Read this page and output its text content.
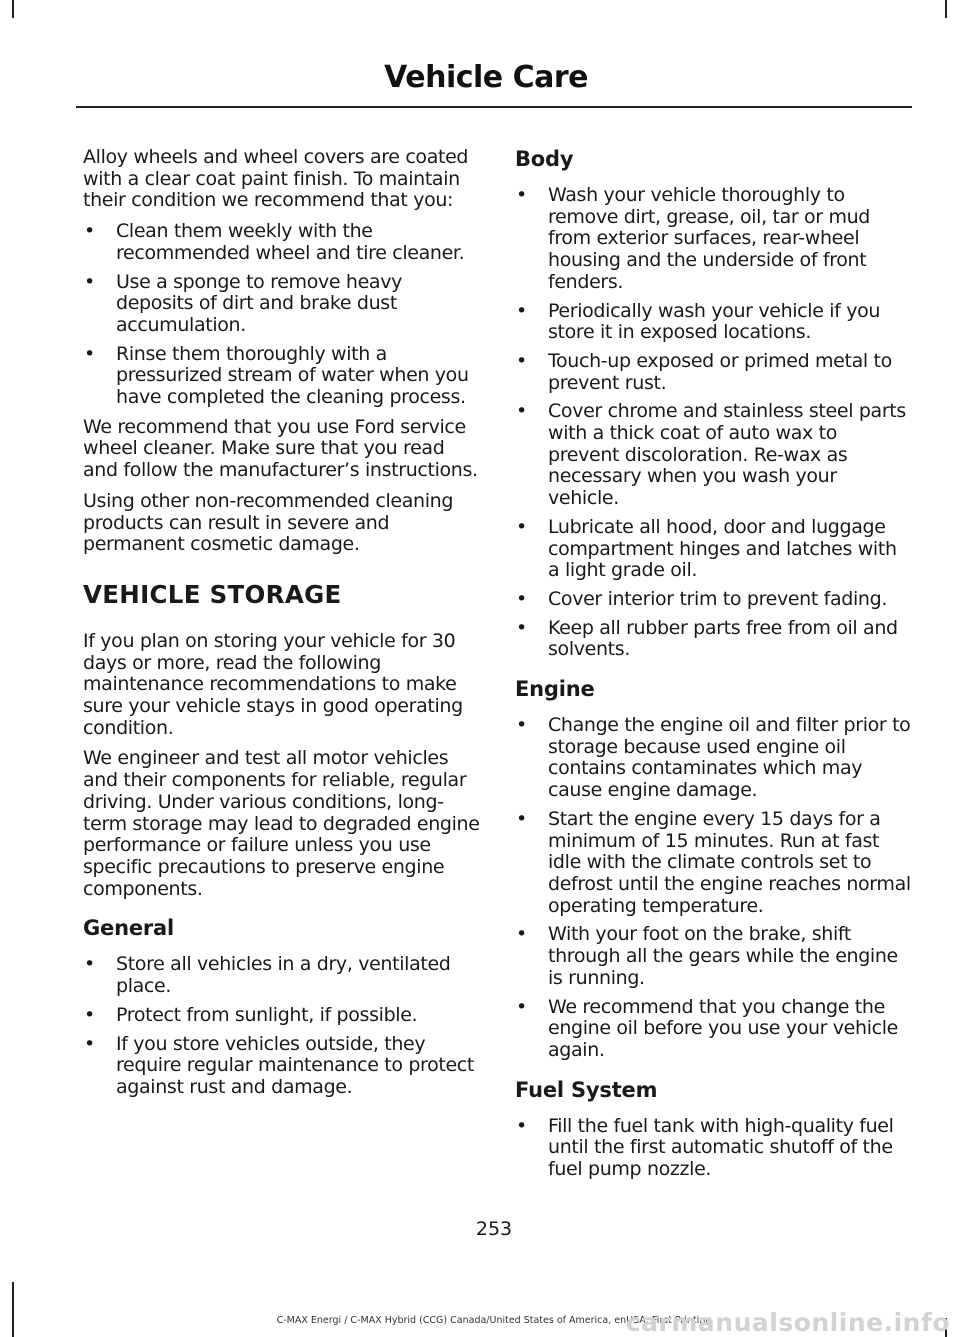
Vehicle Care

Alloy wheels and wheel covers are coated with a clear coat paint finish. To maintain their condition we recommend that you:

• Clean them weekly with the recommended wheel and tire cleaner.
• Use a sponge to remove heavy deposits of dirt and brake dust accumulation.
• Rinse them thoroughly with a pressurized stream of water when you have completed the cleaning process.

We recommend that you use Ford service wheel cleaner. Make sure that you read and follow the manufacturer’s instructions.

Using other non-recommended cleaning products can result in severe and permanent cosmetic damage.

VEHICLE STORAGE

If you plan on storing your vehicle for 30 days or more, read the following maintenance recommendations to make sure your vehicle stays in good operating condition.

We engineer and test all motor vehicles and their components for reliable, regular driving. Under various conditions, long-term storage may lead to degraded engine performance or failure unless you use specific precautions to preserve engine components.

General
• Store all vehicles in a dry, ventilated place.
• Protect from sunlight, if possible.
• If you store vehicles outside, they require regular maintenance to protect against rust and damage.
Body
• Wash your vehicle thoroughly to remove dirt, grease, oil, tar or mud from exterior surfaces, rear-wheel housing and the underside of front fenders.
• Periodically wash your vehicle if you store it in exposed locations.
• Touch-up exposed or primed metal to prevent rust.
• Cover chrome and stainless steel parts with a thick coat of auto wax to prevent discoloration. Re-wax as necessary when you wash your vehicle.
• Lubricate all hood, door and luggage compartment hinges and latches with a light grade oil.
• Cover interior trim to prevent fading.
• Keep all rubber parts free from oil and solvents.
Engine
• Change the engine oil and filter prior to storage because used engine oil contains contaminates which may cause engine damage.
• Start the engine every 15 days for a minimum of 15 minutes. Run at fast idle with the climate controls set to defrost until the engine reaches normal operating temperature.
• With your foot on the brake, shift through all the gears while the engine is running.
• We recommend that you change the engine oil before you use your vehicle again.
Fuel System
• Fill the fuel tank with high-quality fuel until the first automatic shutoff of the fuel pump nozzle.
253
C-MAX Energi / C-MAX Hybrid (CCG) Canada/United States of America, enUSA, First Printing
carmanualsonline.info
